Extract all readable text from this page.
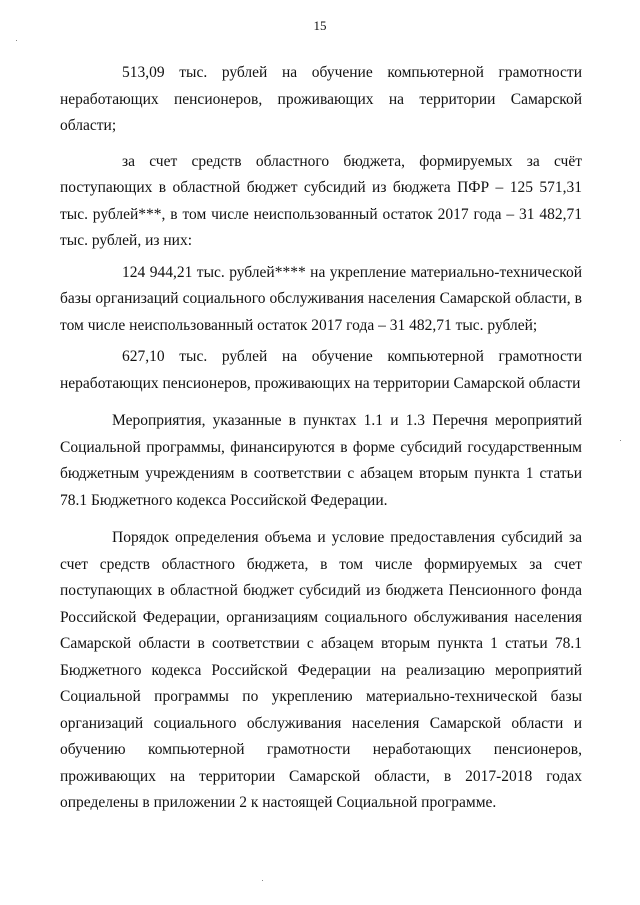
15

513,09 тыс. рублей на обучение компьютерной грамотности неработающих пенсионеров, проживающих на территории Самарской области;

за счет средств областного бюджета, формируемых за счёт поступающих в областной бюджет субсидий из бюджета ПФР – 125 571,31 тыс. рублей***, в том числе неиспользованный остаток 2017 года – 31 482,71 тыс. рублей, из них:

124 944,21 тыс. рублей**** на укрепление материально-технической базы организаций социального обслуживания населения Самарской области, в том числе неиспользованный остаток 2017 года – 31 482,71 тыс. рублей;

627,10 тыс. рублей на обучение компьютерной грамотности неработающих пенсионеров, проживающих на территории Самарской области

Мероприятия, указанные в пунктах 1.1 и 1.3 Перечня мероприятий Социальной программы, финансируются в форме субсидий государственным бюджетным учреждениям в соответствии с абзацем вторым пункта 1 статьи 78.1 Бюджетного кодекса Российской Федерации.

Порядок определения объема и условие предоставления субсидий за счет средств областного бюджета, в том числе формируемых за счет поступающих в областной бюджет субсидий из бюджета Пенсионного фонда Российской Федерации, организациям социального обслуживания населения Самарской области в соответствии с абзацем вторым пункта 1 статьи 78.1 Бюджетного кодекса Российской Федерации на реализацию мероприятий Социальной программы по укреплению материально-технической базы организаций социального обслуживания населения Самарской области и обучению компьютерной грамотности неработающих пенсионеров, проживающих на территории Самарской области, в 2017-2018 годах определены в приложении 2 к настоящей Социальной программе.
